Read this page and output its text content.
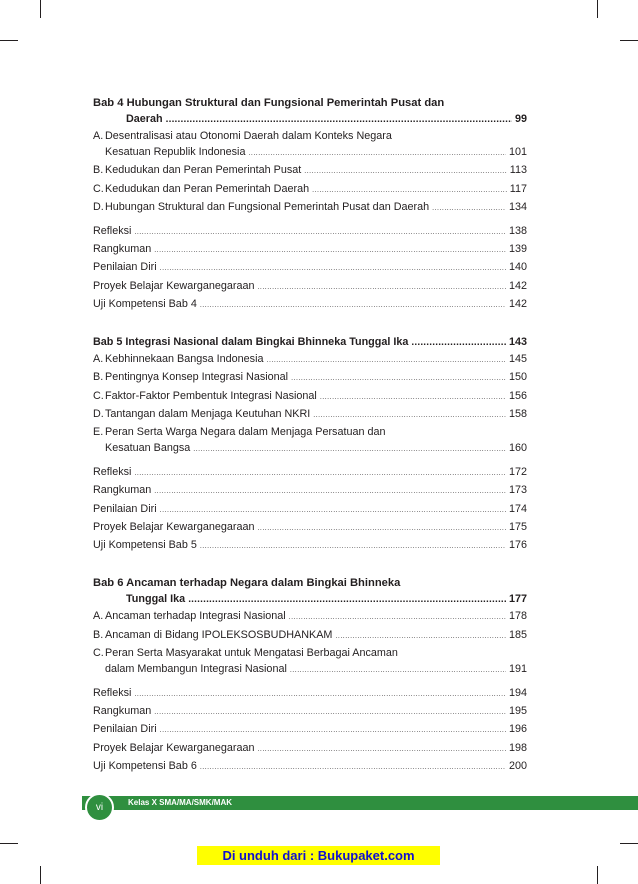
Bab 4 Hubungan Struktural dan Fungsional Pemerintah Pusat dan
Daerah .....	99
A. Desentralisasi atau Otonomi Daerah dalam Konteks Negara
Kesatuan Republik Indonesia .....	101
B. Kedudukan dan Peran Pemerintah Pusat .....	113
C.Kedudukan dan Peran Pemerintah Daerah .....	117
D.Hubungan Struktural dan Fungsional Pemerintah Pusat dan Daerah .....	134
Refleksi .....	138
Rangkuman .....	139
Penilaian Diri .....	140
Proyek Belajar Kewarganegaraan .....	142
Uji Kompetensi Bab 4 .....	142
Bab 5 Integrasi Nasional dalam Bingkai Bhinneka Tunggal Ika .....	143
A. Kebhinnekaan Bangsa Indonesia .....	145
B. Pentingnya Konsep Integrasi Nasional .....	150
C.Faktor-Faktor Pembentuk Integrasi Nasional .....	156
D.Tantangan dalam Menjaga Keutuhan NKRI .....	158
E. Peran Serta Warga Negara dalam Menjaga Persatuan dan
Kesatuan Bangsa .....	160
Refleksi .....	172
Rangkuman .....	173
Penilaian Diri .....	174
Proyek Belajar Kewarganegaraan .....	175
Uji Kompetensi Bab 5 .....	176
Bab 6 Ancaman terhadap Negara dalam Bingkai Bhinneka
Tunggal Ika .....	177
A. Ancaman terhadap Integrasi Nasional .....	178
B. Ancaman di Bidang IPOLEKSOSBUDHANKAM .....	185
C.Peran Serta Masyarakat untuk Mengatasi Berbagai Ancaman
dalam Membangun Integrasi Nasional .....	191
Refleksi .....	194
Rangkuman .....	195
Penilaian Diri .....	196
Proyek Belajar Kewarganegaraan .....	198
Uji Kompetensi Bab 6 .....	200
vi	Kelas X SMA/MA/SMK/MAK
Di unduh dari : Bukupaket.com
